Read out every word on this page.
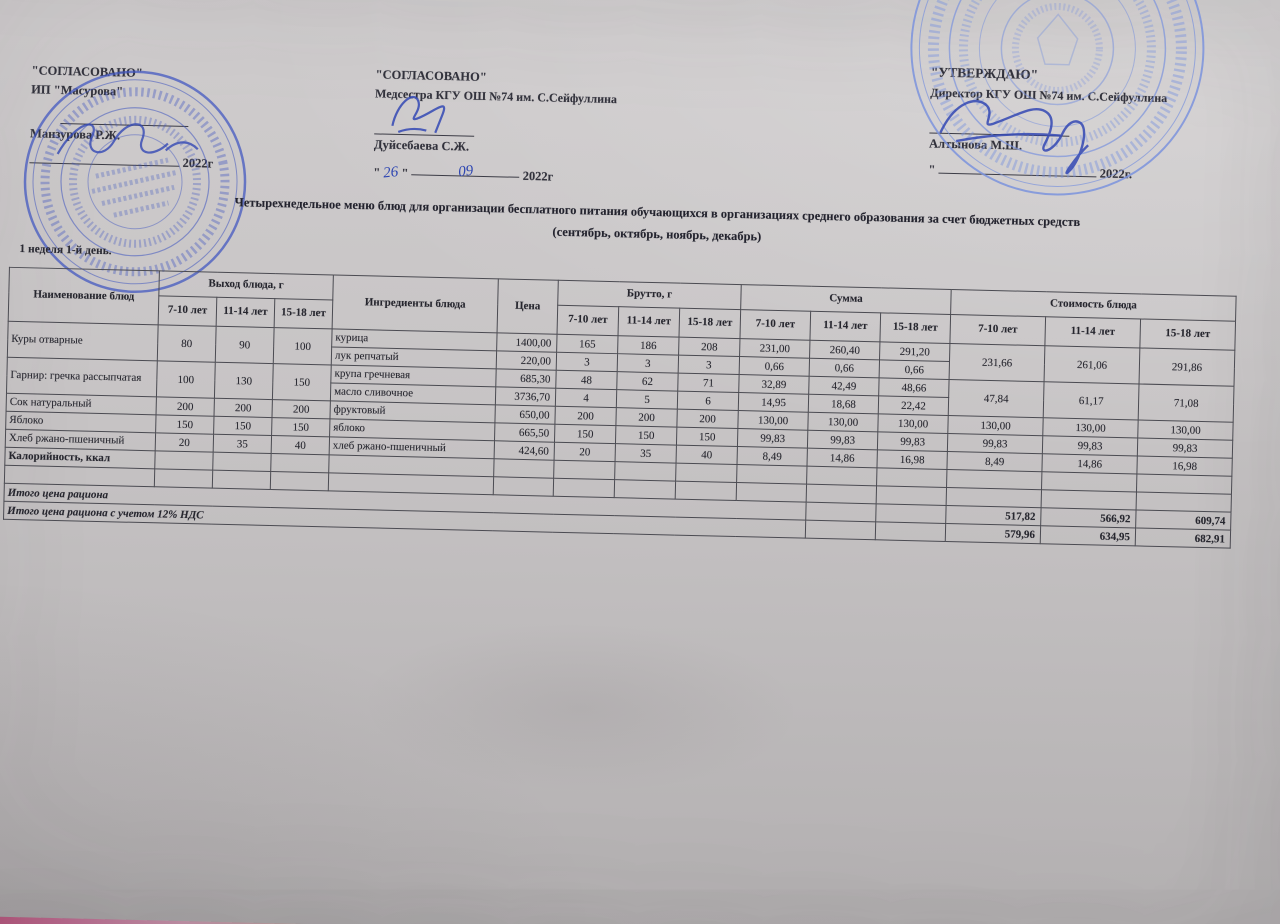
"СОГЛАСОВАНО"
ИП "Масурова"
Манзурова Р.Ж.
2022г
"СОГЛАСОВАНО"
Медсестра КГУ ОШ №74 им. С.Сейфуллина
Дуйсебаева С.Ж.
" 26 "	09	2022г
"УТВЕРЖДАЮ"
Директор КГУ ОШ №74 им. С.Сейфуллина
Алтынова М.Ш.
"	2022г.
Четырехнедельное меню блюд для организации бесплатного питания обучающихся в организациях среднего образования за счет бюджетных средств
(сентябрь, октябрь, ноябрь, декабрь)
1 неделя 1-й день.
Наименование блюд	Выход блюда, г			Ингредиенты блюда	Цена	Брутто, г			Сумма			Стоимость блюда		
	7-10 лет	11-14 лет	15-18 лет			7-10 лет	11-14 лет	15-18 лет	7-10 лет	11-14 лет	15-18 лет	7-10 лет	11-14 лет	15-18 лет
Куры отварные	80	90	100	курица	1400,00	165	186	208	231,00	260,40	291,20	231,66	261,06	291,86
				лук репчатый	220,00	3	3	3	0,66	0,66	0,66			
Гарнир: гречка рассыпчатая	100	130	150	крупа гречневая	685,30	48	62	71	32,89	42,49	48,66	47,84	61,17	71,08
				масло сливочное	3736,70	4	5	6	14,95	18,68	22,42			
Сок натуральный	200	200	200	фруктовый	650,00	200	200	200	130,00	130,00	130,00	130,00	130,00	130,00
Яблоко	150	150	150	яблоко	665,50	150	150	150	99,83	99,83	99,83	99,83	99,83	99,83
Хлеб ржано-пшеничный	20	35	40	хлеб ржано-пшеничный	424,60	20	35	40	8,49	14,86	16,98	8,49	14,86	16,98
Калорийность, ккал														

Итого цена рациона												517,82	566,92	609,74
Итого цена рациона с учетом 12% НДС												579,96	634,95	682,91
